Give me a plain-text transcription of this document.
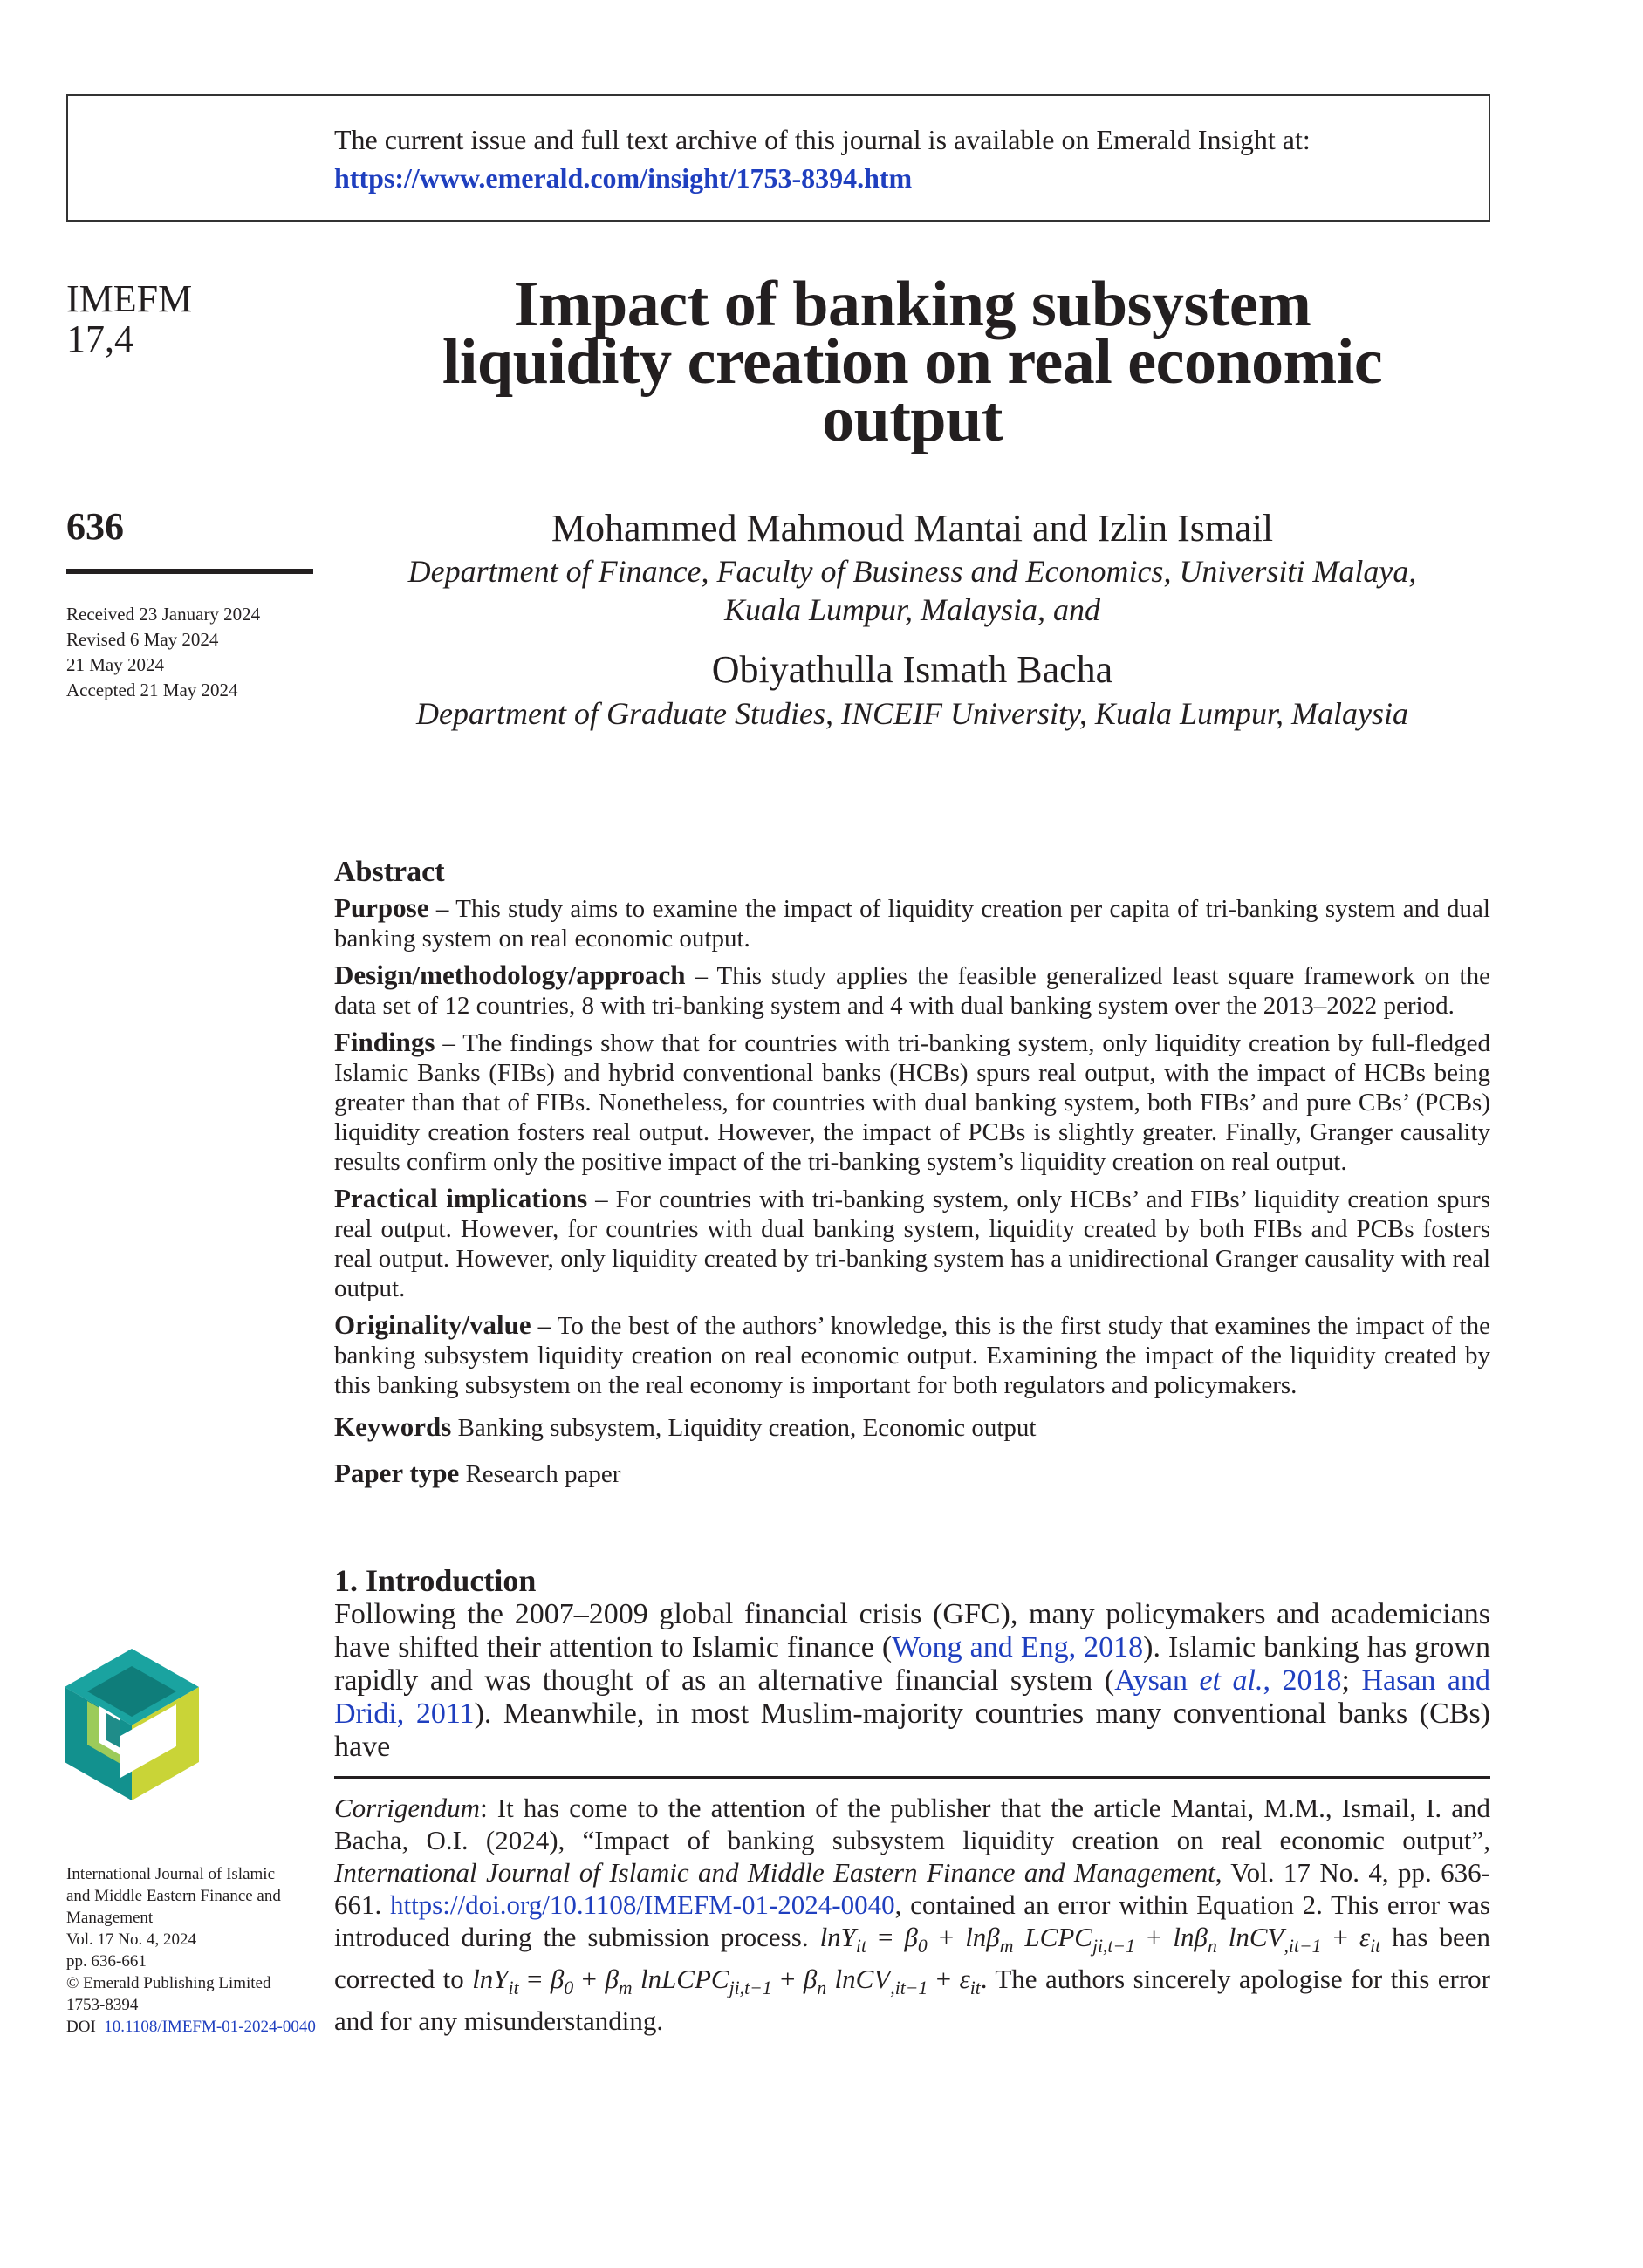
The current issue and full text archive of this journal is available on Emerald Insight at:
https://www.emerald.com/insight/1753-8394.htm
IMEFM
17,4
636
Received 23 January 2024
Revised 6 May 2024
21 May 2024
Accepted 21 May 2024
International Journal of Islamic
and Middle Eastern Finance and
Management
Vol. 17 No. 4, 2024
pp. 636-661
© Emerald Publishing Limited
1753-8394
DOI 10.1108/IMEFM-01-2024-0040
Impact of banking subsystem
liquidity creation on real economic
output
Mohammed Mahmoud Mantai and Izlin Ismail
Department of Finance, Faculty of Business and Economics, Universiti Malaya,
Kuala Lumpur, Malaysia, and
Obiyathulla Ismath Bacha
Department of Graduate Studies, INCEIF University, Kuala Lumpur, Malaysia
Abstract

Purpose – This study aims to examine the impact of liquidity creation per capita of tri-banking system and dual banking system on real economic output.

Design/methodology/approach – This study applies the feasible generalized least square framework on the data set of 12 countries, 8 with tri-banking system and 4 with dual banking system over the 2013–2022 period.

Findings – The findings show that for countries with tri-banking system, only liquidity creation by full-fledged Islamic Banks (FIBs) and hybrid conventional banks (HCBs) spurs real output, with the impact of HCBs being greater than that of FIBs. Nonetheless, for countries with dual banking system, both FIBs’ and pure CBs’ (PCBs) liquidity creation fosters real output. However, the impact of PCBs is slightly greater. Finally, Granger causality results confirm only the positive impact of the tri-banking system’s liquidity creation on real output.

Practical implications – For countries with tri-banking system, only HCBs’ and FIBs’ liquidity creation spurs real output. However, for countries with dual banking system, liquidity created by both FIBs and PCBs fosters real output. However, only liquidity created by tri-banking system has a unidirectional Granger causality with real output.

Originality/value – To the best of the authors’ knowledge, this is the first study that examines the impact of the banking subsystem liquidity creation on real economic output. Examining the impact of the liquidity created by this banking subsystem on the real economy is important for both regulators and policymakers.

Keywords Banking subsystem, Liquidity creation, Economic output

Paper type Research paper

1. Introduction

Following the 2007–2009 global financial crisis (GFC), many policymakers and academicians have shifted their attention to Islamic finance (Wong and Eng, 2018). Islamic banking has grown rapidly and was thought of as an alternative financial system (Aysan et al., 2018; Hasan and Dridi, 2011). Meanwhile, in most Muslim-majority countries many conventional banks (CBs) have

Corrigendum: It has come to the attention of the publisher that the article Mantai, M.M., Ismail, I. and Bacha, O.I. (2024), “Impact of banking subsystem liquidity creation on real economic output”, International Journal of Islamic and Middle Eastern Finance and Management, Vol. 17 No. 4, pp. 636-661. https://doi.org/10.1108/IMEFM-01-2024-0040, contained an error within Equation 2. This error was introduced during the submission process. $\ln Y_{it} = \beta_0 + \ln\beta_m$ $LCPC_{ji,t-1} + \ln\beta_n$ lnCV$_{,it-1}$ + $\varepsilon_{it}$ has been corrected to $\ln Y_{it} = \beta_0 + \beta_m$ lnLCPC$_{ji,t-1}$ + $\beta_n$ lnCV$_{,it-1}$ + $\varepsilon_{it}$. The authors sincerely apologise for this error and for any misunderstanding.
